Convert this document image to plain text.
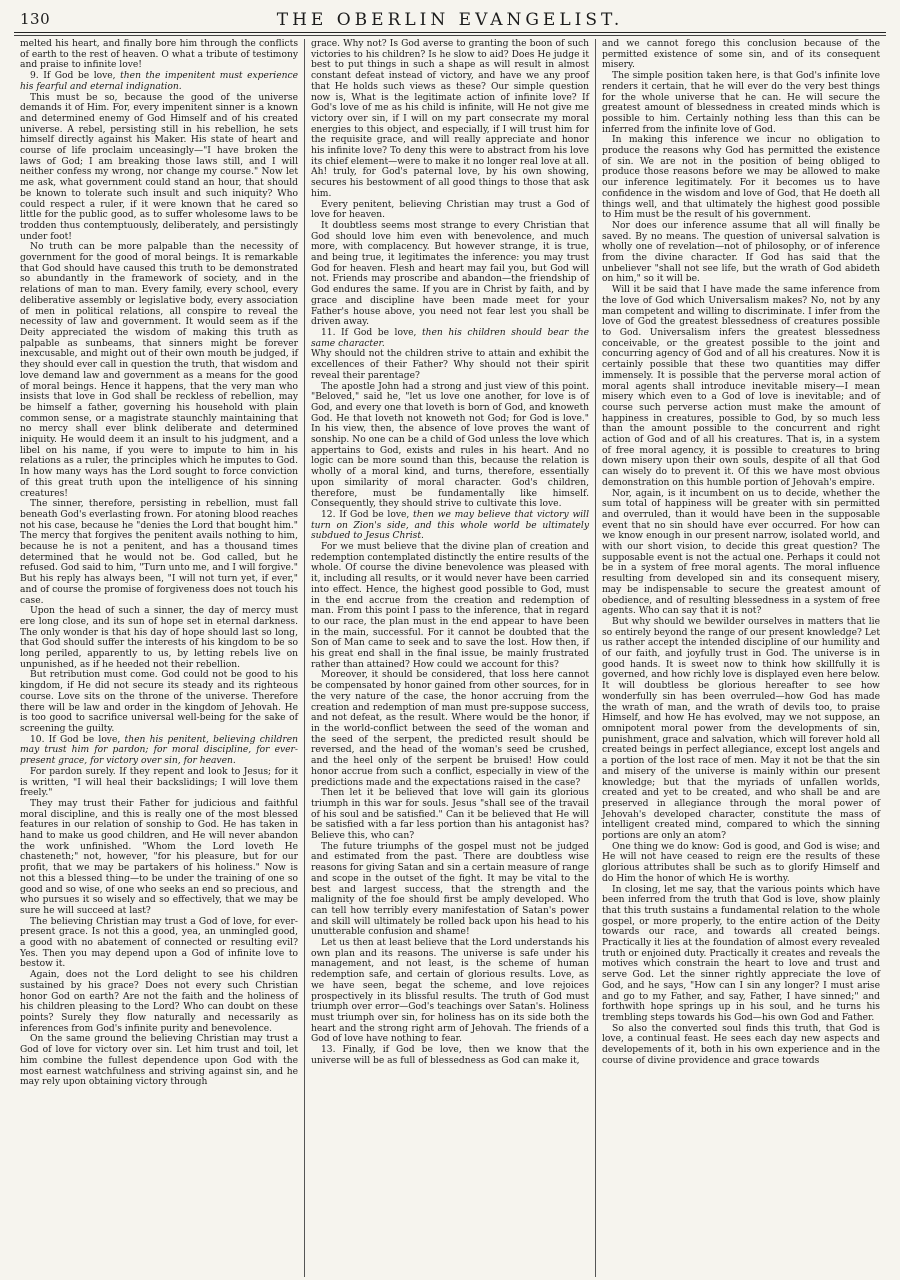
130	THE OBERLIN EVANGELIST.

melted his heart, and finally bore him through the conflicts of earth to the rest of heaven. O what a tribute of testimony and praise to infinite love!

9. If God be love, then the impenitent must experience his fearful and eternal indignation.

This must be so, because the good of the universe demands it of Him. For, every impenitent sinner is a known and determined enemy of God Himself and of his created universe. A rebel, persisting still in his rebellion, he sets himself directly against his Maker. His state of heart and course of life proclaim unceasingly—"I have broken the laws of God; I am breaking those laws still, and I will neither confess my wrong, nor change my course." Now let me ask, what government could stand an hour, that should be known to tolerate such insult and such iniquity? Who could respect a ruler, if it were known that he cared so little for the public good, as to suffer wholesome laws to be trodden thus contemptuously, deliberately, and persistingly under foot!

No truth can be more palpable than the necessity of government for the good of moral beings. It is remarkable that God should have caused this truth to be demonstrated so abundantly in the framework of society, and in the relations of man to man. Every family, every school, every deliberative assembly or legislative body, every association of men in political relations, all conspire to reveal the necessity of law and government. It would seem as if the Deity appreciated the wisdom of making this truth as palpable as sunbeams, that sinners might be forever inexcusable, and might out of their own mouth be judged, if they should ever call in question the truth, that wisdom and love demand law and government as a means for the good of moral beings. Hence it happens, that the very man who insists that love in God shall be reckless of rebellion, may be himself a father, governing his household with plain common sense, or a magistrate staunchly maintaining that no mercy shall ever blink deliberate and determined iniquity. He would deem it an insult to his judgment, and a libel on his name, if you were to impute to him in his relations as a ruler, the principles which he imputes to God. In how many ways has the Lord sought to force conviction of this great truth upon the intelligence of his sinning creatures!

The sinner, therefore, persisting in rebellion, must fall beneath God's everlasting frown. For atoning blood reaches not his case, because he "denies the Lord that bought him." The mercy that forgives the penitent avails nothing to him, because he is not a penitent, and has a thousand times determined that he would not be. God called, but he refused. God said to him, "Turn unto me, and I will forgive." But his reply has always been, "I will not turn yet, if ever," and of course the promise of forgiveness does not touch his case.

Upon the head of such a sinner, the day of mercy must ere long close, and its sun of hope set in eternal darkness. The only wonder is that his day of hope should last so long, that God should suffer the interests of his kingdom to be so long periled, apparently to us, by letting rebels live on unpunished, as if he heeded not their rebellion.

But retribution must come. God could not be good to his kingdom, if He did not secure its steady and its righteous course. Love sits on the throne of the universe. Therefore there will be law and order in the kingdom of Jehovah. He is too good to sacrifice universal well-being for the sake of screening the guilty.

10. If God be love, then his penitent, believing children may trust him for pardon; for moral discipline, for ever-present grace, for victory over sin, for heaven.

For pardon surely. If they repent and look to Jesus; for it is written, "I will heal their backslidings; I will love them freely."

They may trust their Father for judicious and faithful moral discipline, and this is really one of the most blessed features in our relation of sonship to God. He has taken in hand to make us good children, and He will never abandon the work unfinished. "Whom the Lord loveth He chasteneth;" not, however, "for his pleasure, but for our profit, that we may be partakers of his holiness." Now is not this a blessed thing—to be under the training of one so good and so wise, of one who seeks an end so precious, and who pursues it so wisely and so effectively, that we may be sure he will succeed at last?

The believing Christian may trust a God of love, for ever-present grace. Is not this a good, yea, an unmingled good, a good with no abatement of connected or resulting evil? Yes. Then you may depend upon a God of infinite love to bestow it.

Again, does not the Lord delight to see his children sustained by his grace? Does not every such Christian honor God on earth? Are not the faith and the holiness of his children pleasing to the Lord? Who can doubt on these points? Surely they flow naturally and necessarily as inferences from God's infinite purity and benevolence.

On the same ground the believing Christian may trust a God of love for victory over sin. Let him trust and toil, let him combine the fullest dependence upon God with the most earnest watchfulness and striving against sin, and he may rely upon obtaining victory through

grace. Why not? Is God averse to granting the boon of such victories to his children? Is he slow to aid? Does He judge it best to put things in such a shape as will result in almost constant defeat instead of victory, and have we any proof that He holds such views as these? Our simple question now is, What is the legitimate action of infinite love? If God's love of me as his child is infinite, will He not give me victory over sin, if I will on my part consecrate my moral energies to this object, and especially, if I will trust him for the requisite grace, and will really appreciate and honor his infinite love? To deny this were to abstract from his love its chief element—were to make it no longer real love at all. Ah! truly, for God's paternal love, by his own showing, secures his bestowment of all good things to those that ask him.

Every penitent, believing Christian may trust a God of love for heaven.

It doubtless seems most strange to every Christian that God should love him even with benevolence, and much more, with complacency. But however strange, it is true, and being true, it legitimates the inference: you may trust God for heaven. Flesh and heart may fail you, but God will not. Friends may proscribe and abandon—the friendship of God endures the same. If you are in Christ by faith, and by grace and discipline have been made meet for your Father's house above, you need not fear lest you shall be driven away.

11. If God be love, then his children should bear the same character.

Why should not the children strive to attain and exhibit the excellences of their Father? Why should not their spirit reveal their parentage?

The apostle John had a strong and just view of this point. "Beloved," said he, "let us love one another, for love is of God, and every one that loveth is born of God, and knoweth God. He that loveth not knoweth not God; for God is love." In his view, then, the absence of love proves the want of sonship. No one can be a child of God unless the love which appertains to God, exists and rules in his heart. And no logic can be more sound than this, because the relation is wholly of a moral kind, and turns, therefore, essentially upon similarity of moral character. God's children, therefore, must be fundamentally like himself. Consequently, they should strive to cultivate this love.

12. If God be love, then we may believe that victory will turn on Zion's side, and this whole world be ultimately subdued to Jesus Christ.

For we must believe that the divine plan of creation and redemption contemplated distinctly the entire results of the whole. Of course the divine benevolence was pleased with it, including all results, or it would never have been carried into effect. Hence, the highest good possible to God, must in the end accrue from the creation and redemption of man. From this point I pass to the inference, that in regard to our race, the plan must in the end appear to have been in the main, successful. For it cannot be doubted that the Son of Man came to seek and to save the lost. How then, if his great end shall in the final issue, be mainly frustrated rather than attained? How could we account for this?

Moreover, it should be considered, that loss here cannot be compensated by honor gained from other sources, for in the very nature of the case, the honor accruing from the creation and redemption of man must pre-suppose success, and not defeat, as the result. Where would be the honor, if in the world-conflict between the seed of the woman and the seed of the serpent, the predicted result should be reversed, and the head of the woman's seed be crushed, and the heel only of the serpent be bruised! How could honor accrue from such a conflict, especially in view of the predictions made and the expectations raised in the case?

Then let it be believed that love will gain its glorious triumph in this war for souls. Jesus "shall see of the travail of his soul and be satisfied." Can it be believed that He will be satisfied with a far less portion than his antagonist has? Believe this, who can?

The future triumphs of the gospel must not be judged and estimated from the past. There are doubtless wise reasons for giving Satan and sin a certain measure of range and scope in the outset of the fight. It may be vital to the best and largest success, that the strength and the malignity of the foe should first be amply developed. Who can tell how terribly every manifestation of Satan's power and skill will ultimately be rolled back upon his head to his unutterable confusion and shame!

Let us then at least believe that the Lord understands his own plan and its reasons. The universe is safe under his management, and not least, is the scheme of human redemption safe, and certain of glorious results. Love, as we have seen, begat the scheme, and love rejoices prospectively in its blissful results. The truth of God must triumph over error—God's teachings over Satan's. Holiness must triumph over sin, for holiness has on its side both the heart and the strong right arm of Jehovah. The friends of a God of love have nothing to fear.

13. Finally, if God be love, then we know that the universe will be as full of blessedness as God can make it,

and we cannot forego this conclusion because of the permitted existence of some sin, and of its consequent misery.

The simple position taken here, is that God's infinite love renders it certain, that he will ever do the very best things for the whole universe that he can. He will secure the greatest amount of blessedness in created minds which is possible to him. Certainly nothing less than this can be inferred from the infinite love of God.

In making this inference we incur no obligation to produce the reasons why God has permitted the existence of sin. We are not in the position of being obliged to produce those reasons before we may be allowed to make our inference legitimately. For it becomes us to have confidence in the wisdom and love of God, that He doeth all things well, and that ultimately the highest good possible to Him must be the result of his government.

Nor does our inference assume that all will finally be saved. By no means. The question of universal salvation is wholly one of revelation—not of philosophy, or of inference from the divine character. If God has said that the unbeliever "shall not see life, but the wrath of God abideth on him," so it will be.

Will it be said that I have made the same inference from the love of God which Universalism makes? No, not by any man competent and willing to discriminate. I infer from the love of God the greatest blessedness of creatures possible to God. Universalism infers the greatest blessedness conceivable, or the greatest possible to the joint and concurring agency of God and of all his creatures. Now it is certainly possible that these two quantities may differ immensely. It is possible that the perverse moral action of moral agents shall introduce inevitable misery—I mean misery which even to a God of love is inevitable; and of course such perverse action must make the amount of happiness in creatures, possible to God, by so much less than the amount possible to the concurrent and right action of God and of all his creatures. That is, in a system of free moral agency, it is possible to creatures to bring down misery upon their own souls, despite of all that God can wisely do to prevent it. Of this we have most obvious demonstration on this humble portion of Jehovah's empire.

Nor, again, is it incumbent on us to decide, whether the sum total of happiness will be greater with sin permitted and overruled, than it would have been in the supposable event that no sin should have ever occurred. For how can we know enough in our present narrow, isolated world, and with our short vision, to decide this great question? The supposable event is not the actual one. Perhaps it could not be in a system of free moral agents. The moral influence resulting from developed sin and its consequent misery, may be indispensable to secure the greatest amount of obedience, and of resulting blessedness in a system of free agents. Who can say that it is not?

But why should we bewilder ourselves in matters that lie so entirely beyond the range of our present knowledge? Let us rather accept the intended discipline of our humility and of our faith, and joyfully trust in God. The universe is in good hands. It is sweet now to think how skillfully it is governed, and how richly love is displayed even here below. It will doubtless be glorious hereafter to see how wonderfully sin has been overruled—how God has made the wrath of man, and the wrath of devils too, to praise Himself, and how He has evolved, may we not suppose, an omnipotent moral power from the developments of sin, punishment, grace and salvation, which will forever hold all created beings in perfect allegiance, except lost angels and a portion of the lost race of men. May it not be that the sin and misery of the universe is mainly within our present knowledge; but that the myriads of unfallen worlds, created and yet to be created, and who shall be and are preserved in allegiance through the moral power of Jehovah's developed character, constitute the mass of intelligent created mind, compared to which the sinning portions are only an atom?

One thing we do know: God is good, and God is wise; and He will not have ceased to reign ere the results of these glorious attributes shall be such as to glorify Himself and do Him the honor of which He is worthy.

In closing, let me say, that the various points which have been inferred from the truth that God is love, show plainly that this truth sustains a fundamental relation to the whole gospel, or more properly, to the entire action of the Deity towards our race, and towards all created beings. Practically it lies at the foundation of almost every revealed truth or enjoined duty. Practically it creates and reveals the motives which constrain the heart to love and trust and serve God. Let the sinner rightly appreciate the love of God, and he says, "How can I sin any longer? I must arise and go to my Father, and say, Father, I have sinned;" and forthwith hope springs up in his soul, and he turns his trembling steps towards his God—his own God and Father.

So also the converted soul finds this truth, that God is love, a continual feast. He sees each day new aspects and developements of it, both in his own experience and in the course of divine providence and grace towards
